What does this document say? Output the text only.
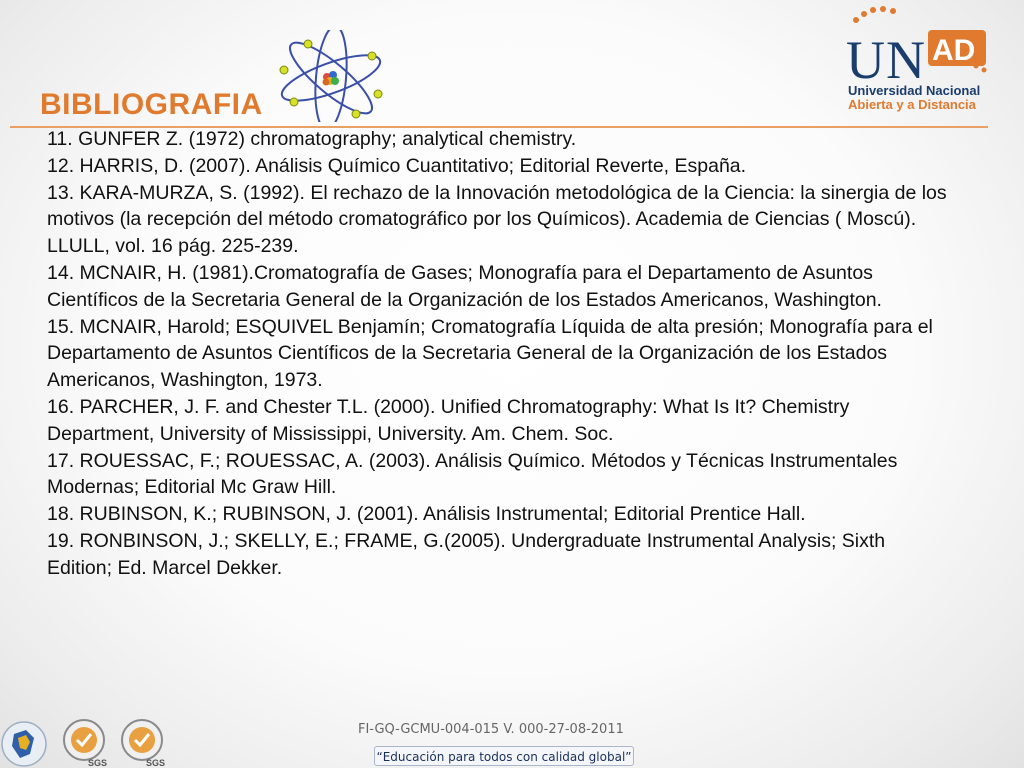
BIBLIOGRAFIA
U N AD
Universidad Nacional
Abierta y a Distancia

11. GUNFER Z. (1972) chromatography; analytical chemistry.

12. HARRIS, D. (2007). Análisis Químico Cuantitativo; Editorial Reverte, España.

13. KARA-MURZA, S. (1992). El rechazo de la Innovación metodológica de la Ciencia: la sinergia de los motivos (la recepción del método cromatográfico por los Químicos). Academia de Ciencias ( Moscú). LLULL, vol. 16 pág. 225-239.

14. MCNAIR, H. (1981).Cromatografía de Gases; Monografía para el Departamento de Asuntos Científicos de la Secretaria General de la Organización de los Estados Americanos, Washington.

15. MCNAIR, Harold; ESQUIVEL Benjamín; Cromatografía Líquida de alta presión; Monografía para el Departamento de Asuntos Científicos de la Secretaria General de la Organización de los Estados Americanos, Washington, 1973.

16. PARCHER, J. F. and Chester T.L. (2000). Unified Chromatography: What Is It? Chemistry Department, University of Mississippi, University. Am. Chem. Soc.

17. ROUESSAC, F.; ROUESSAC, A. (2003). Análisis Químico. Métodos y Técnicas Instrumentales Modernas; Editorial Mc Graw Hill.

18. RUBINSON, K.; RUBINSON, J. (2001). Análisis Instrumental; Editorial Prentice Hall.

19. RONBINSON, J.; SKELLY, E.; FRAME, G.(2005). Undergraduate Instrumental Analysis; Sixth Edition; Ed. Marcel Dekker.

SGS	SGS
FI-GQ-GCMU-004-015 V. 000-27-08-2011
“Educación para todos con calidad global”
